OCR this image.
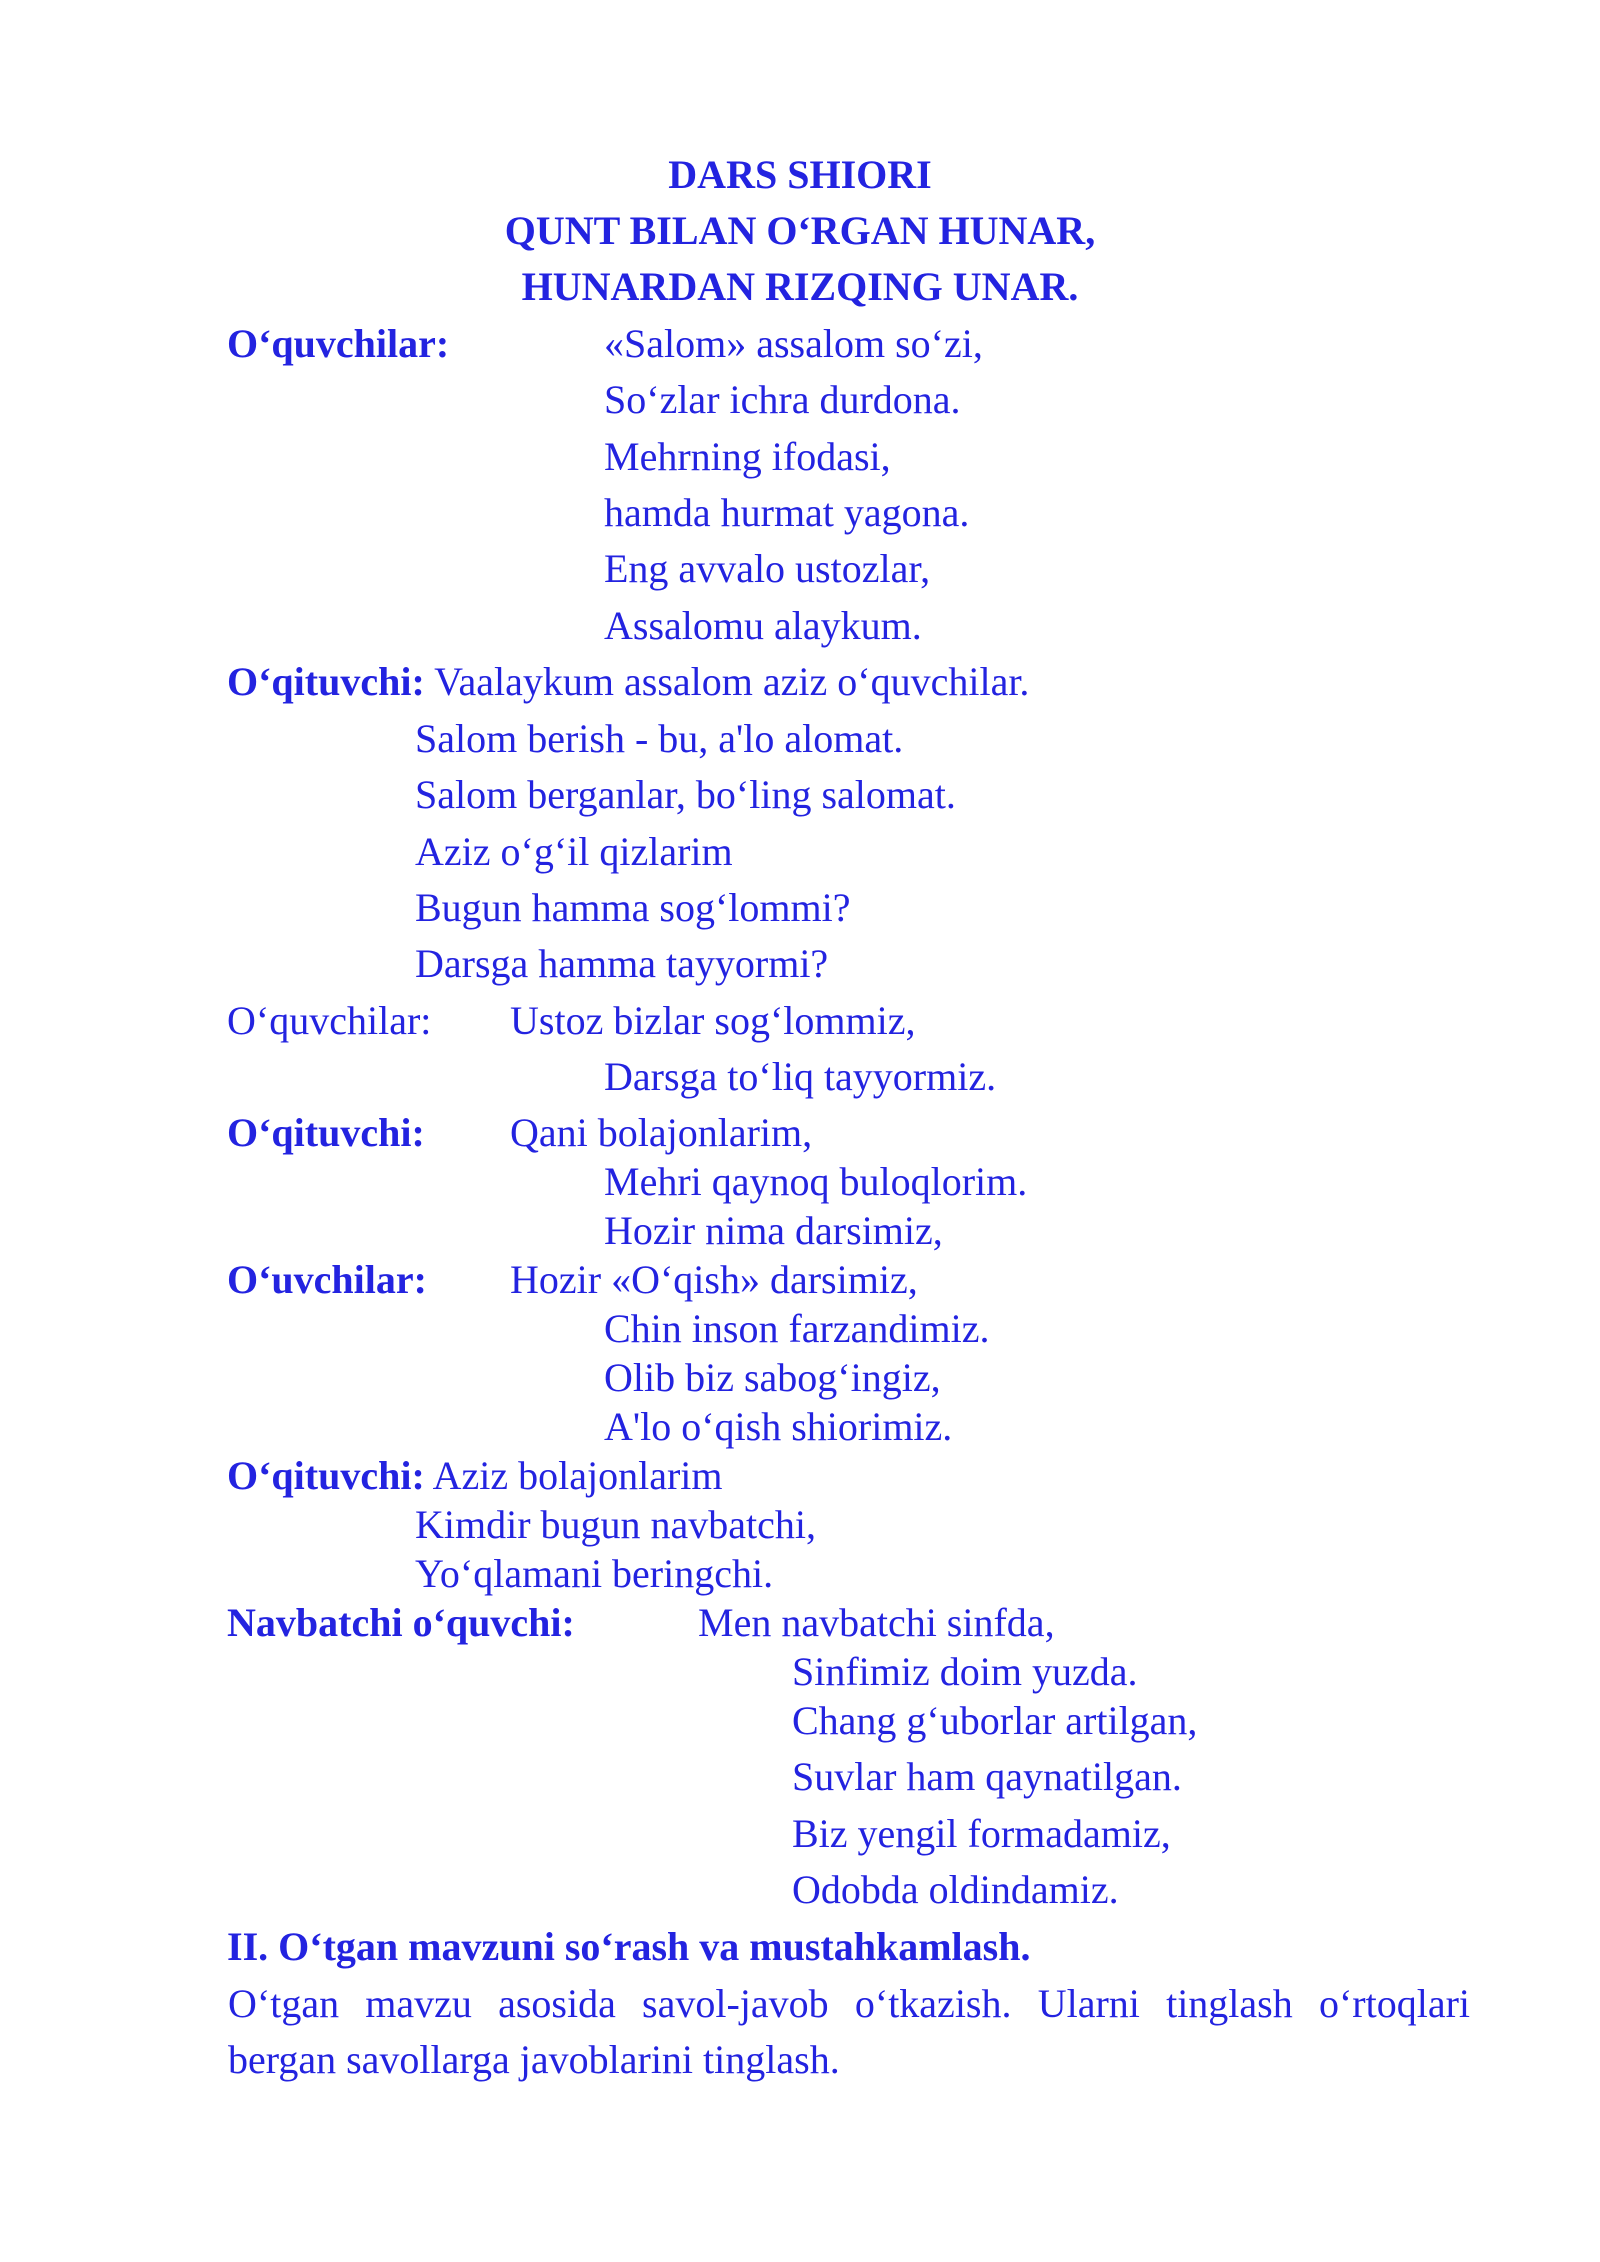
DARS SHIORI
QUNT BILAN O‘RGAN HUNAR,
HUNARDAN RIZQING UNAR.
O‘quvchilar:	«Salom» assalom so‘zi,
So‘zlar ichra durdona.
Mehrning ifodasi,
hamda hurmat yagona.
Eng avvalo ustozlar,
Assalomu alaykum.
O‘qituvchi: Vaalaykum assalom aziz o‘quvchilar.
Salom berish - bu, a'lo alomat.
Salom berganlar, bo‘ling salomat.
Aziz o‘g‘il qizlarim
Bugun hamma sog‘lommi?
Darsga hamma tayyormi?
O‘quvchilar: Ustoz bizlar sog‘lommiz,
Darsga to‘liq tayyormiz.
O‘qituvchi: Qani bolajonlarim,
Mehri qaynoq buloqlorim.
Hozir nima darsimiz,
O‘uvchilar: Hozir «O‘qish» darsimiz,
Chin inson farzandimiz.
Olib biz sabog‘ingiz,
A'lo o‘qish shiorimiz.
O‘qituvchi: Aziz bolajonlarim
Kimdir bugun navbatchi,
Yo‘qlamani beringchi.
Navbatchi o‘quvchi:	Men navbatchi sinfda,
Sinfimiz doim yuzda.
Chang g‘uborlar artilgan,
Suvlar ham qaynatilgan.
Biz yengil formadamiz,
Odobda oldindamiz.
II. O‘tgan mavzuni so‘rash va mustahkamlash.
O‘tgan mavzu asosida savol-javob o‘tkazish. Ularni tinglash o‘rtoqlari bergan savollarga javoblarini tinglash.
